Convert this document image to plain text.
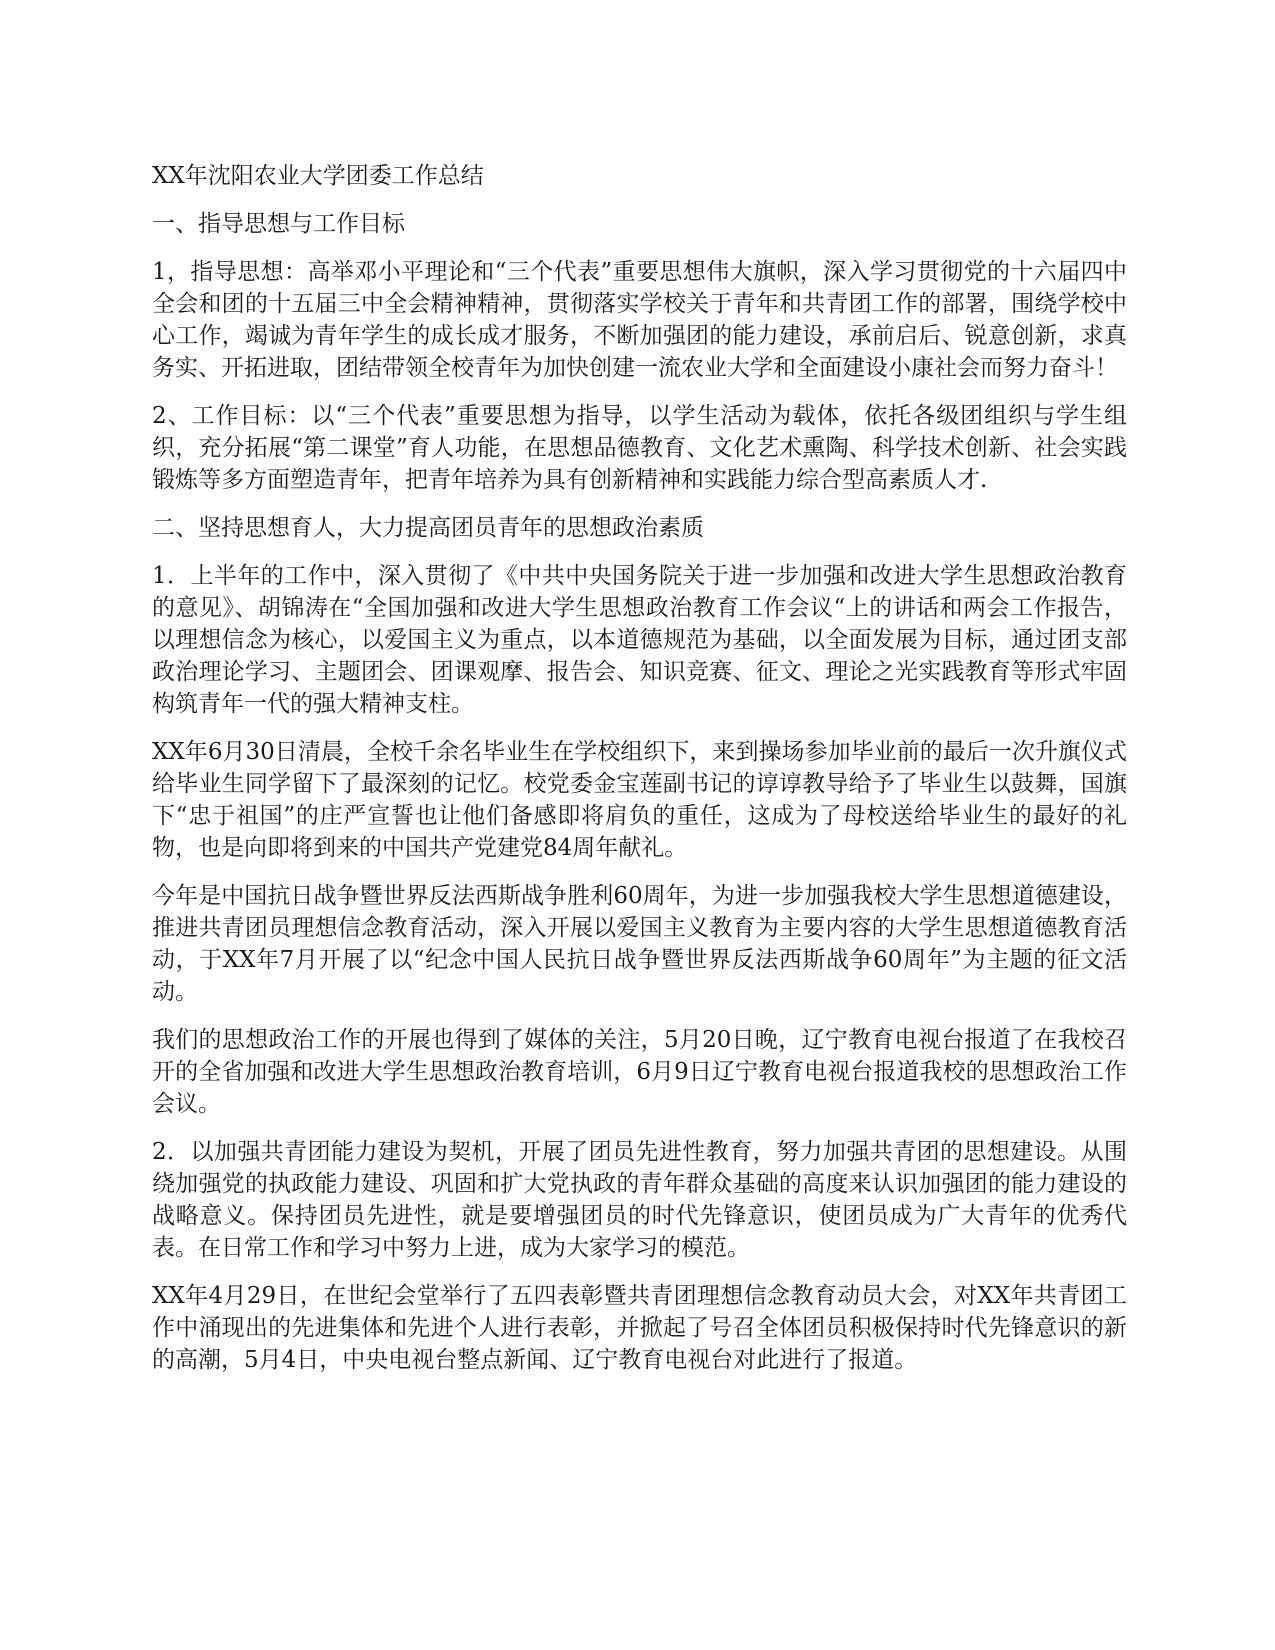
XX年沈阳农业大学团委工作总结

一、指导思想与工作目标

1，指导思想：高举邓小平理论和“三个代表”重要思想伟大旗帜，深入学习贯彻党的十六届四中全会和团的十五届三中全会精神精神，贯彻落实学校关于青年和共青团工作的部署，围绕学校中心工作，竭诚为青年学生的成长成才服务，不断加强团的能力建设，承前启后、锐意创新，求真务实、开拓进取，团结带领全校青年为加快创建一流农业大学和全面建设小康社会而努力奋斗！

2、工作目标：以“三个代表”重要思想为指导，以学生活动为载体，依托各级团组织与学生组织，充分拓展“第二课堂”育人功能，在思想品德教育、文化艺术熏陶、科学技术创新、社会实践锻炼等多方面塑造青年，把青年培养为具有创新精神和实践能力综合型高素质人才.

二、坚持思想育人，大力提高团员青年的思想政治素质

1．上半年的工作中，深入贯彻了《中共中央国务院关于进一步加强和改进大学生思想政治教育的意见》、胡锦涛在“全国加强和改进大学生思想政治教育工作会议“上的讲话和两会工作报告，以理想信念为核心，以爱国主义为重点，以本道德规范为基础，以全面发展为目标，通过团支部政治理论学习、主题团会、团课观摩、报告会、知识竞赛、征文、理论之光实践教育等形式牢固构筑青年一代的强大精神支柱。

XX年6月30日清晨，全校千余名毕业生在学校组织下，来到操场参加毕业前的最后一次升旗仪式给毕业生同学留下了最深刻的记忆。校党委金宝莲副书记的谆谆教导给予了毕业生以鼓舞，国旗下“忠于祖国”的庄严宣誓也让他们备感即将肩负的重任，这成为了母校送给毕业生的最好的礼物，也是向即将到来的中国共产党建党84周年献礼。

今年是中国抗日战争暨世界反法西斯战争胜利60周年，为进一步加强我校大学生思想道德建设，推进共青团员理想信念教育活动，深入开展以爱国主义教育为主要内容的大学生思想道德教育活动，于XX年7月开展了以“纪念中国人民抗日战争暨世界反法西斯战争60周年”为主题的征文活动。

我们的思想政治工作的开展也得到了媒体的关注，5月20日晚，辽宁教育电视台报道了在我校召开的全省加强和改进大学生思想政治教育培训，6月9日辽宁教育电视台报道我校的思想政治工作会议。

2．以加强共青团能力建设为契机，开展了团员先进性教育，努力加强共青团的思想建设。从围绕加强党的执政能力建设、巩固和扩大党执政的青年群众基础的高度来认识加强团的能力建设的战略意义。保持团员先进性，就是要增强团员的时代先锋意识，使团员成为广大青年的优秀代表。在日常工作和学习中努力上进，成为大家学习的模范。

XX年4月29日，在世纪会堂举行了五四表彰暨共青团理想信念教育动员大会，对XX年共青团工作中涌现出的先进集体和先进个人进行表彰，并掀起了号召全体团员积极保持时代先锋意识的新的高潮，5月4日，中央电视台整点新闻、辽宁教育电视台对此进行了报道。
